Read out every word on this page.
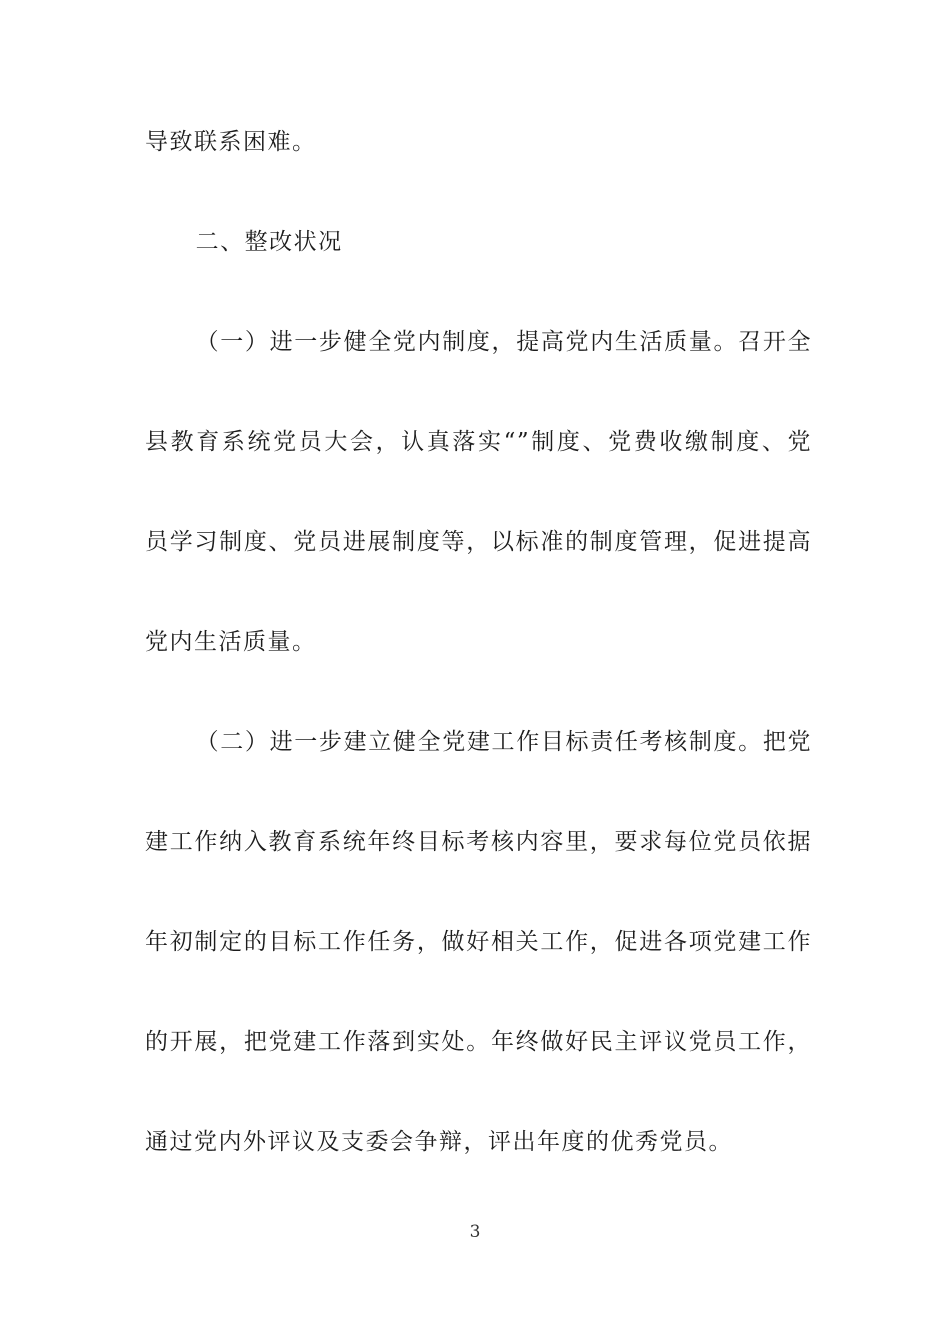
导致联系困难。
二、整改状况
（一）进一步健全党内制度，提高党内生活质量。召开全
县教育系统党员大会，认真落实“”制度、党费收缴制度、党
员学习制度、党员进展制度等，以标准的制度管理，促进提高
党内生活质量。
（二）进一步建立健全党建工作目标责任考核制度。把党
建工作纳入教育系统年终目标考核内容里，要求每位党员依据
年初制定的目标工作任务，做好相关工作，促进各项党建工作
的开展，把党建工作落到实处。年终做好民主评议党员工作，
通过党内外评议及支委会争辩，评出年度的优秀党员。
3
